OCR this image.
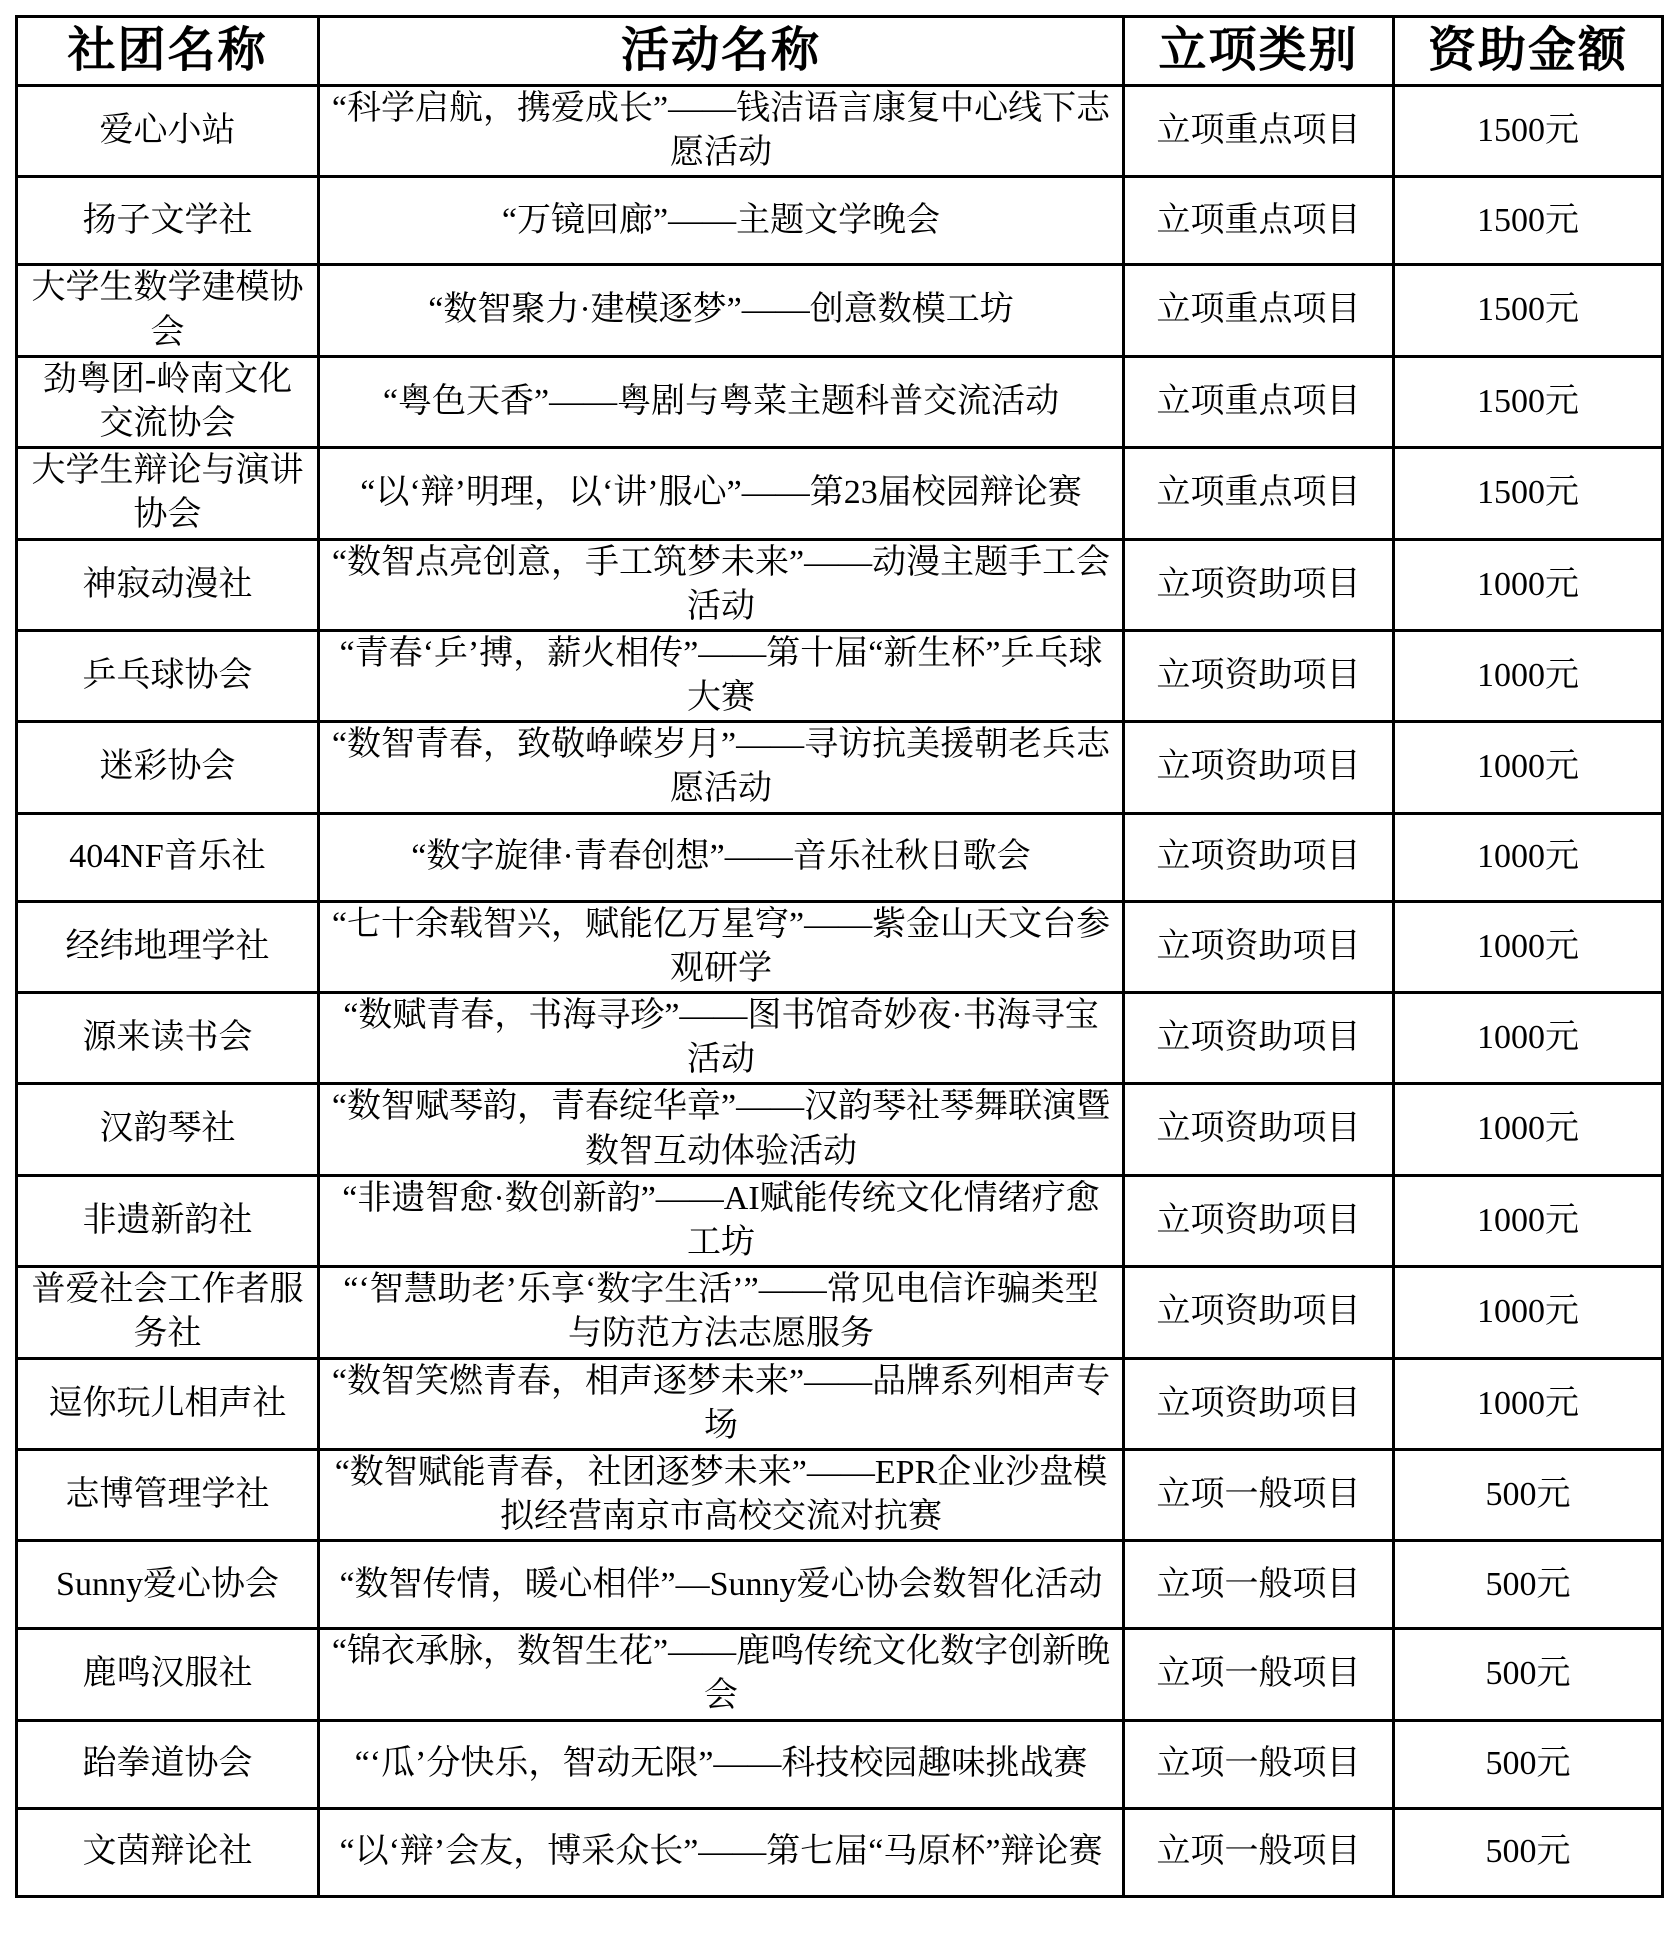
社团名称	活动名称	立项类别	资助金额
爱心小站	“科学启航，携爱成长”——钱洁语言康复中心线下志愿活动	立项重点项目	1500元
扬子文学社	“万镜回廊”——主题文学晚会	立项重点项目	1500元
大学生数学建模协会	“数智聚力·建模逐梦”——创意数模工坊	立项重点项目	1500元
劲粤团-岭南文化交流协会	“粤色天香”——粤剧与粤菜主题科普交流活动	立项重点项目	1500元
大学生辩论与演讲协会	“以‘辩’明理，以‘讲’服心”——第23届校园辩论赛	立项重点项目	1500元
神寂动漫社	“数智点亮创意，手工筑梦未来”——动漫主题手工会活动	立项资助项目	1000元
乒乓球协会	“青春‘乒’搏，薪火相传”——第十届“新生杯”乒乓球大赛	立项资助项目	1000元
迷彩协会	“数智青春，致敬峥嵘岁月”——寻访抗美援朝老兵志愿活动	立项资助项目	1000元
404NF音乐社	“数字旋律·青春创想”——音乐社秋日歌会	立项资助项目	1000元
经纬地理学社	“七十余载智兴，赋能亿万星穹”——紫金山天文台参观研学	立项资助项目	1000元
源来读书会	“数赋青春，书海寻珍”——图书馆奇妙夜·书海寻宝活动	立项资助项目	1000元
汉韵琴社	“数智赋琴韵，青春绽华章”——汉韵琴社琴舞联演暨数智互动体验活动	立项资助项目	1000元
非遗新韵社	“非遗智愈·数创新韵”——AI赋能传统文化情绪疗愈工坊	立项资助项目	1000元
普爱社会工作者服务社	“‘智慧助老’乐享‘数字生活’”——常见电信诈骗类型与防范方法志愿服务	立项资助项目	1000元
逗你玩儿相声社	“数智笑燃青春，相声逐梦未来”——品牌系列相声专场	立项资助项目	1000元
志博管理学社	“数智赋能青春，社团逐梦未来”——EPR企业沙盘模拟经营南京市高校交流对抗赛	立项一般项目	500元
Sunny爱心协会	“数智传情，暖心相伴”—Sunny爱心协会数智化活动	立项一般项目	500元
鹿鸣汉服社	“锦衣承脉，数智生花”——鹿鸣传统文化数字创新晚会	立项一般项目	500元
跆拳道协会	“‘瓜’分快乐，智动无限”——科技校园趣味挑战赛	立项一般项目	500元
文茵辩论社	“以‘辩’会友，博采众长”——第七届“马原杯”辩论赛	立项一般项目	500元
